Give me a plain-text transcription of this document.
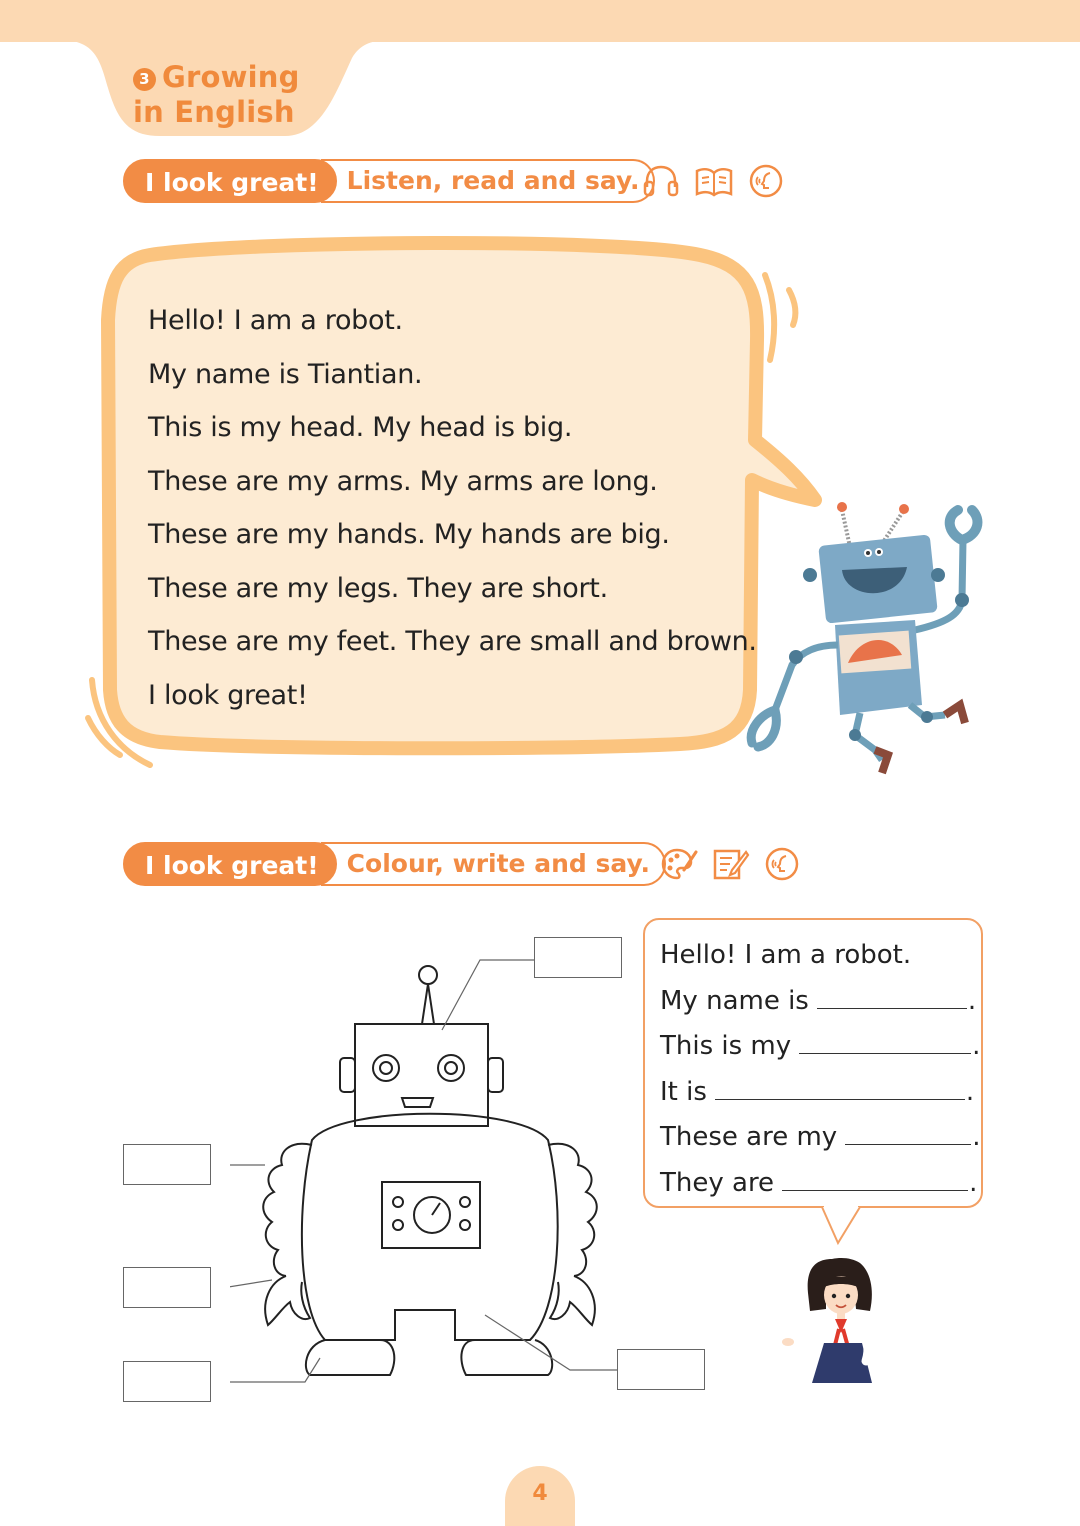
3 Growing
in English
I look great!	Listen, read and say.
Hello! I am a robot.
My name is Tiantian.
This is my head. My head is big.
These are my arms. My arms are long.
These are my hands. My hands are big.
These are my legs. They are short.
These are my feet. They are small and brown.
I look great!
I look great!	Colour, write and say.
Hello! I am a robot.
My name is	.
This is my	.
It is	.
These are my	.
They are	.
4
